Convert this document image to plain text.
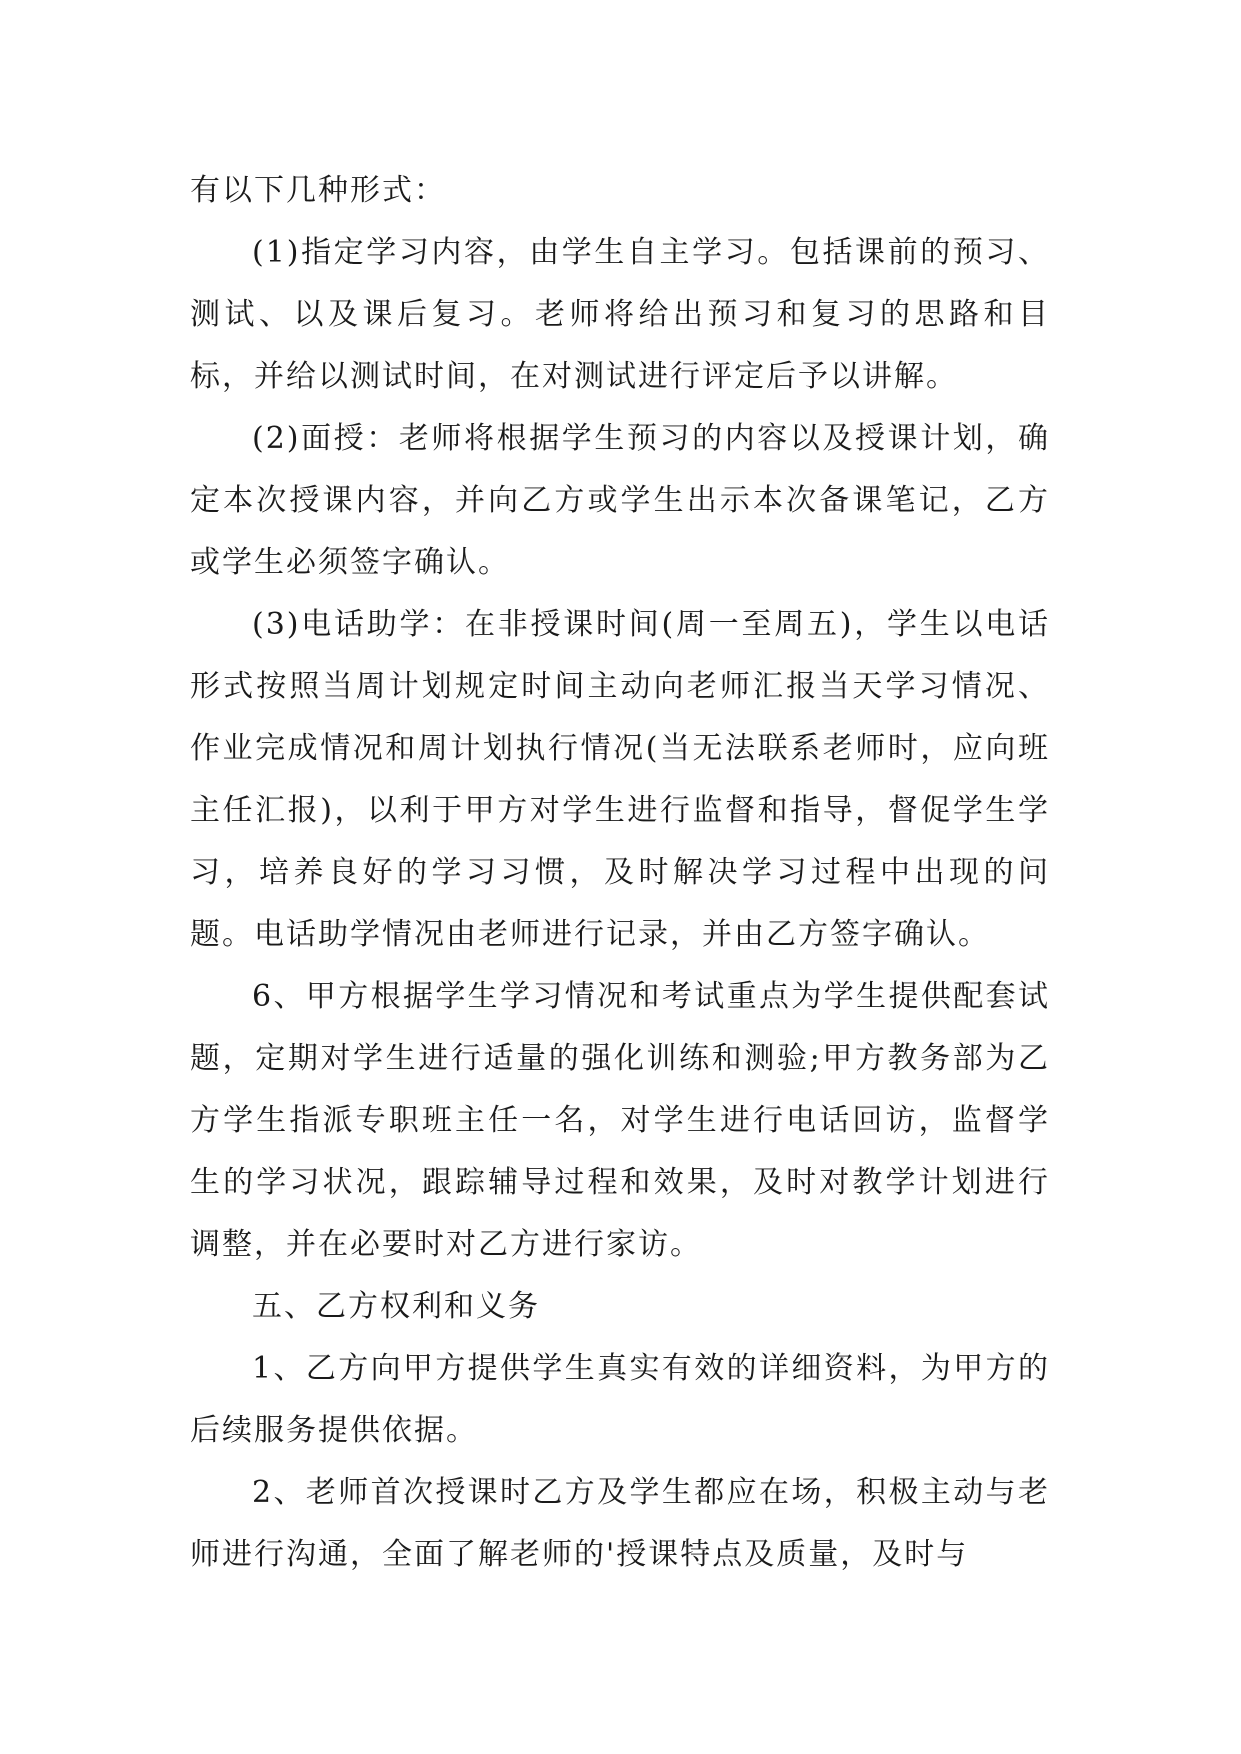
有以下几种形式：

(1)指定学习内容，由学生自主学习。包括课前的预习、测试、以及课后复习。老师将给出预习和复习的思路和目标，并给以测试时间，在对测试进行评定后予以讲解。

(2)面授：老师将根据学生预习的内容以及授课计划，确定本次授课内容，并向乙方或学生出示本次备课笔记，乙方或学生必须签字确认。

(3)电话助学：在非授课时间(周一至周五)，学生以电话形式按照当周计划规定时间主动向老师汇报当天学习情况、作业完成情况和周计划执行情况(当无法联系老师时，应向班主任汇报)，以利于甲方对学生进行监督和指导，督促学生学习，培养良好的学习习惯，及时解决学习过程中出现的问题。电话助学情况由老师进行记录，并由乙方签字确认。

6、甲方根据学生学习情况和考试重点为学生提供配套试题，定期对学生进行适量的强化训练和测验;甲方教务部为乙方学生指派专职班主任一名，对学生进行电话回访，监督学生的学习状况，跟踪辅导过程和效果，及时对教学计划进行调整，并在必要时对乙方进行家访。

五、乙方权利和义务

1、乙方向甲方提供学生真实有效的详细资料，为甲方的后续服务提供依据。

2、老师首次授课时乙方及学生都应在场，积极主动与老师进行沟通，全面了解老师的'授课特点及质量，及时与
